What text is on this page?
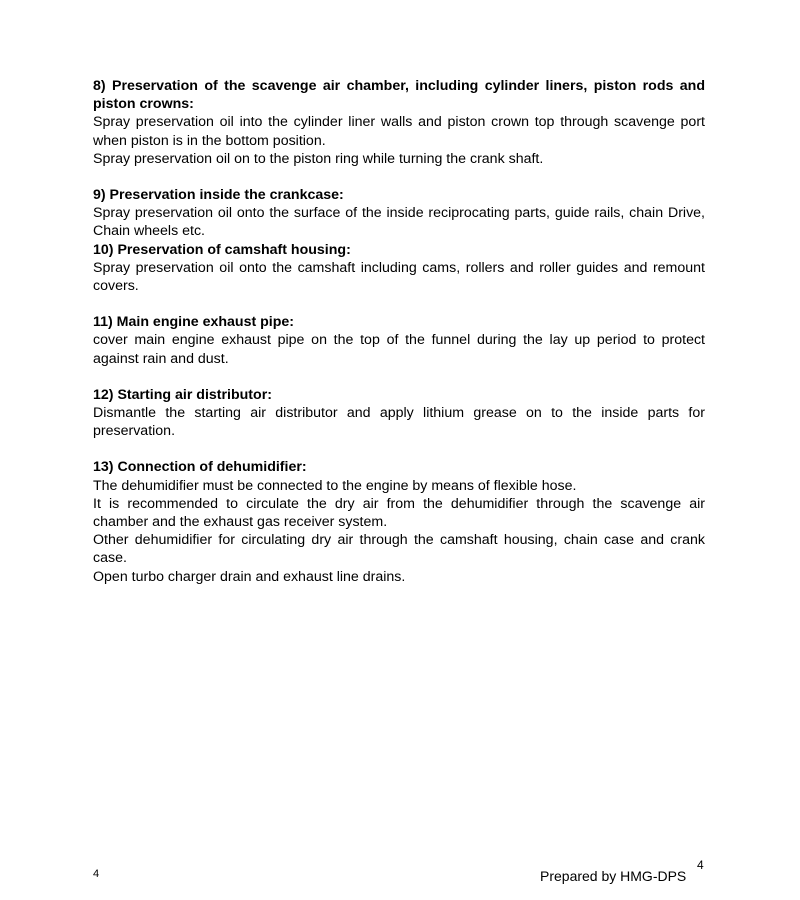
8) Preservation of the scavenge air chamber, including cylinder liners, piston rods and piston crowns:

Spray preservation oil into the cylinder liner walls and piston crown top through scavenge port when piston is in the bottom position.

Spray preservation oil on to the piston ring while turning the crank shaft.

9) Preservation inside the crankcase:

Spray preservation oil onto the surface of the inside reciprocating parts, guide rails, chain Drive, Chain wheels etc.

10) Preservation of camshaft housing:

Spray preservation oil onto the camshaft including cams, rollers and roller guides and remount covers.

11) Main engine exhaust pipe:

cover main engine exhaust pipe on the top of the funnel during the lay up period to protect against rain and dust.

12) Starting air distributor:

Dismantle the starting air distributor and apply lithium grease on to the inside parts for preservation.

13) Connection of dehumidifier:

The dehumidifier must be connected to the engine by means of flexible hose.

It is recommended to circulate the dry air from the dehumidifier through the scavenge air chamber and the exhaust gas receiver system.

Other dehumidifier for circulating dry air through the camshaft housing, chain case and crank case.

Open turbo charger drain and exhaust line drains.

4	Prepared by HMG-DPS
4
